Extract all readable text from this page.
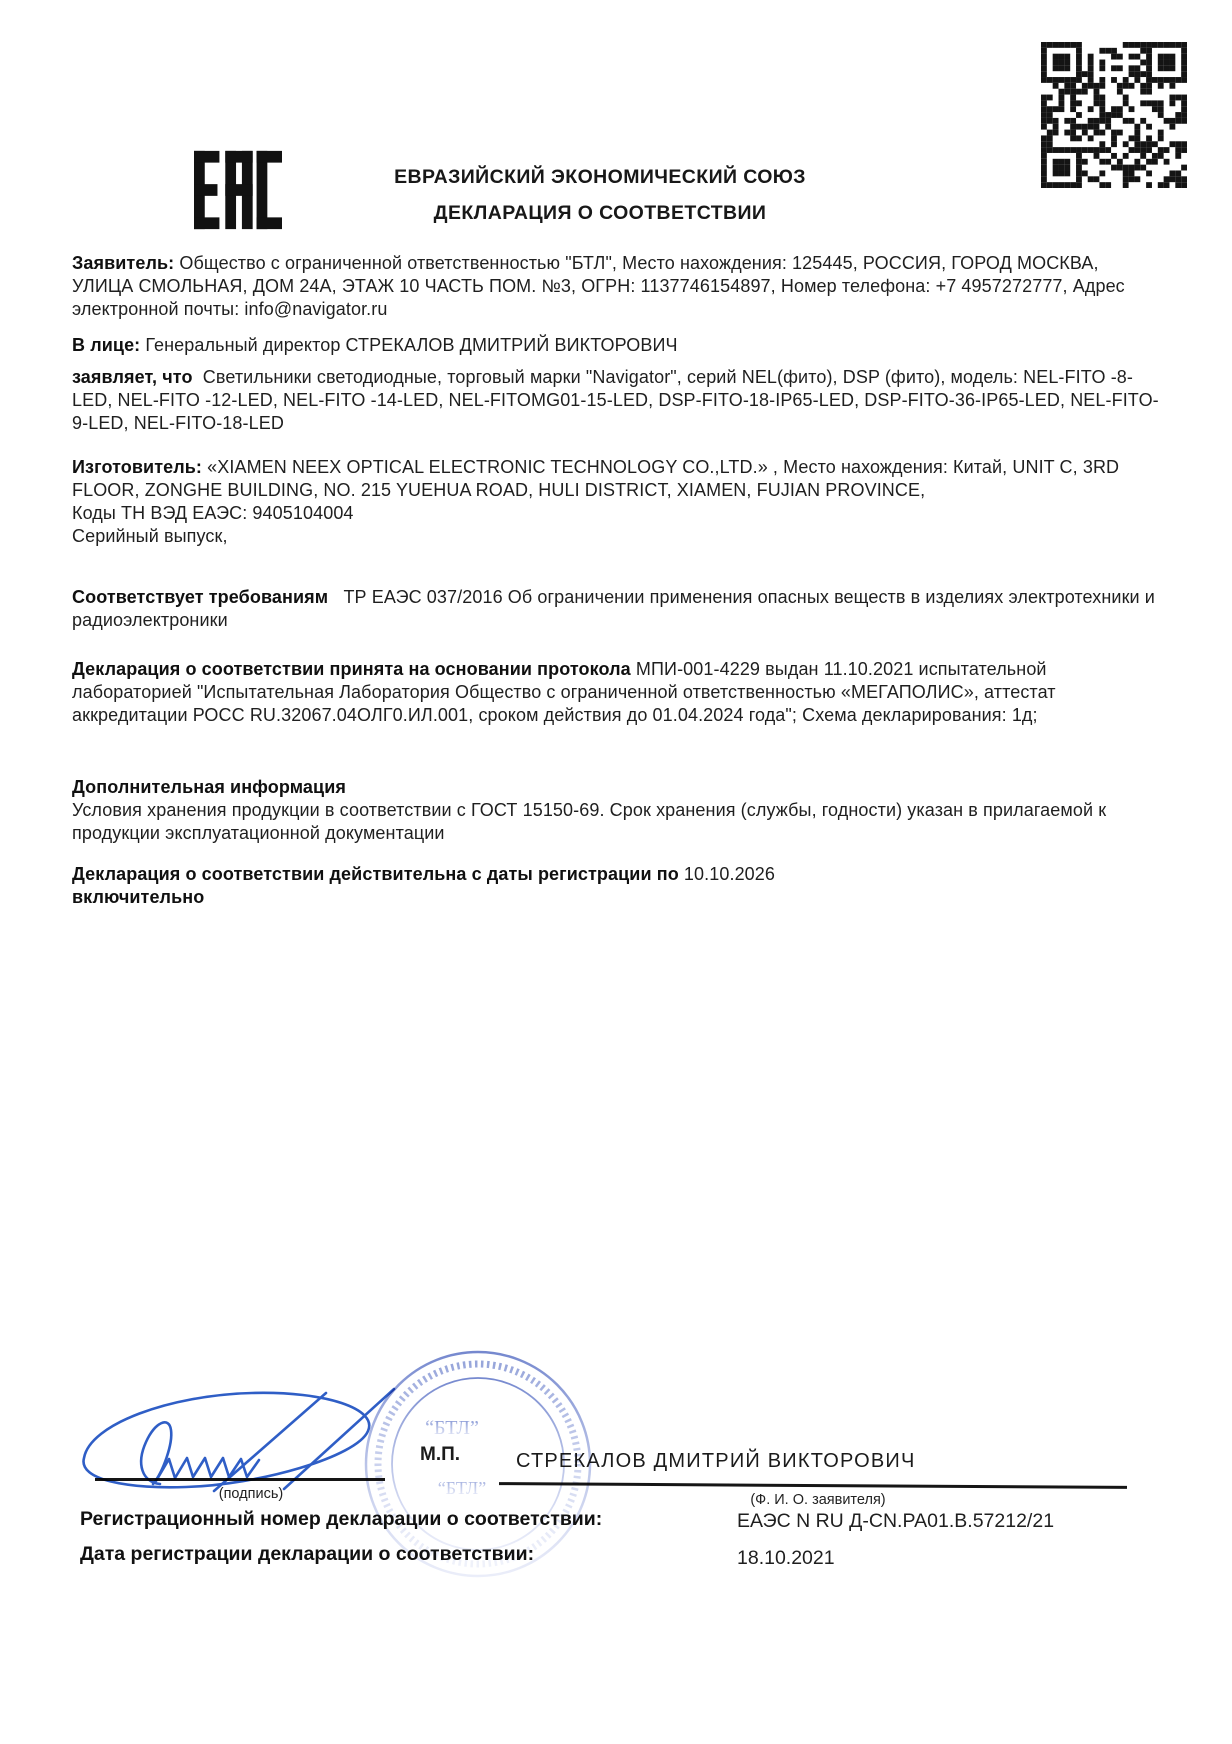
ЕВРАЗИЙСКИЙ ЭКОНОМИЧЕСКИЙ СОЮЗ
ДЕКЛАРАЦИЯ О СООТВЕТСТВИИ

Заявитель: Общество с ограниченной ответственностью "БТЛ", Место нахождения: 125445, РОССИЯ, ГОРОД МОСКВА, УЛИЦА СМОЛЬНАЯ, ДОМ 24А, ЭТАЖ 10 ЧАСТЬ ПОМ. №3, ОГРН: 1137746154897, Номер телефона: +7 4957272777, Адрес электронной почты: info@navigator.ru

В лице: Генеральный директор СТРЕКАЛОВ ДМИТРИЙ ВИКТОРОВИЧ

заявляет, что Светильники светодиодные, торговый марки "Navigator", серий NEL(фито), DSP (фито), модель: NEL-FITO -8-LED, NEL-FITO -12-LED, NEL-FITO -14-LED, NEL-FITOMG01-15-LED, DSP-FITO-18-IP65-LED, DSP-FITO-36-IP65-LED, NEL-FITO-9-LED, NEL-FITO-18-LED

Изготовитель: «XIAMEN NEEX OPTICAL ELECTRONIC TECHNOLOGY CO.,LTD.» , Место нахождения: Китай, UNIT C, 3RD FLOOR, ZONGHE BUILDING, NO. 215 YUEHUA ROAD, HULI DISTRICT, XIAMEN, FUJIAN PROVINCE,
Коды ТН ВЭД ЕАЭС: 9405104004
Серийный выпуск,

Соответствует требованиям ТР ЕАЭС 037/2016 Об ограничении применения опасных веществ в изделиях электротехники и радиоэлектроники

Декларация о соответствии принята на основании протокола МПИ-001-4229 выдан 11.10.2021 испытательной лабораторией "Испытательная Лаборатория Общество с ограниченной ответственностью «МЕГАПОЛИС», аттестат аккредитации РОСС RU.32067.04ОЛГ0.ИЛ.001, сроком действия до 01.04.2024 года"; Схема декларирования: 1д;

Дополнительная информация
Условия хранения продукции в соответствии с ГОСТ 15150-69. Срок хранения (службы, годности) указан в прилагаемой к продукции эксплуатационной документации

Декларация о соответствии действительна с даты регистрации по 10.10.2026
включительно

“БТЛ”
“БТЛ”
М.П.	СТРЕКАЛОВ ДМИТРИЙ ВИКТОРОВИЧ
(подпись)	(Ф. И. О. заявителя)
Регистрационный номер декларации о соответствии:	ЕАЭС N RU Д-CN.РА01.В.57212/21
Дата регистрации декларации о соответствии:	18.10.2021
